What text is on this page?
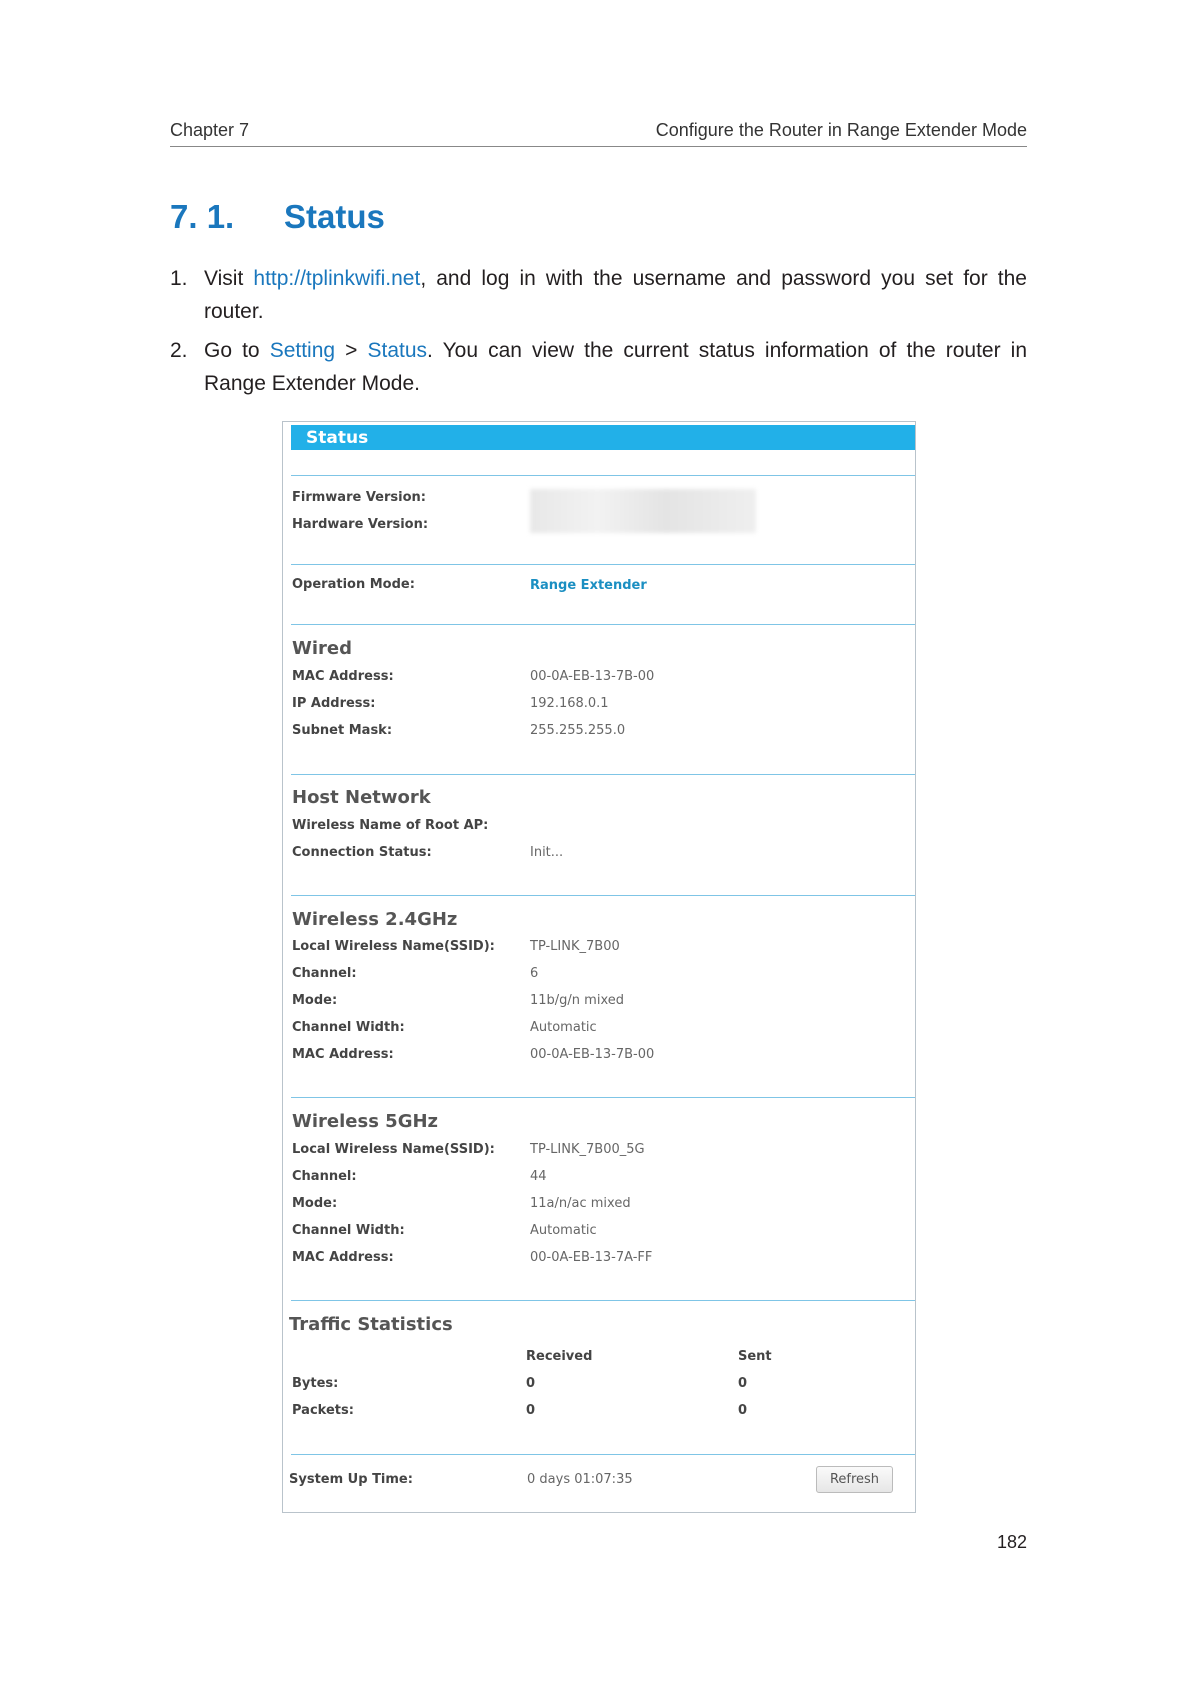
Chapter 7	Configure the Router in Range Extender Mode
7. 1. Status
1. Visit http://tplinkwifi.net, and log in with the username and password you set for the router.
2. Go to Setting > Status. You can view the current status information of the router in Range Extender Mode.
Status
Firmware Version:
Hardware Version:
Operation Mode:	Range Extender
Wired
MAC Address:	00-0A-EB-13-7B-00
IP Address:	192.168.0.1
Subnet Mask:	255.255.255.0
Host Network
Wireless Name of Root AP:
Connection Status:	Init...
Wireless 2.4GHz
Local Wireless Name(SSID):	TP-LINK_7B00
Channel:	6
Mode:	11b/g/n mixed
Channel Width:	Automatic
MAC Address:	00-0A-EB-13-7B-00
Wireless 5GHz
Local Wireless Name(SSID):	TP-LINK_7B00_5G
Channel:	44
Mode:	11a/n/ac mixed
Channel Width:	Automatic
MAC Address:	00-0A-EB-13-7A-FF
Traffic Statistics
Received	Sent
Bytes:	0	0
Packets:	0	0
System Up Time:	0 days 01:07:35	Refresh
182
